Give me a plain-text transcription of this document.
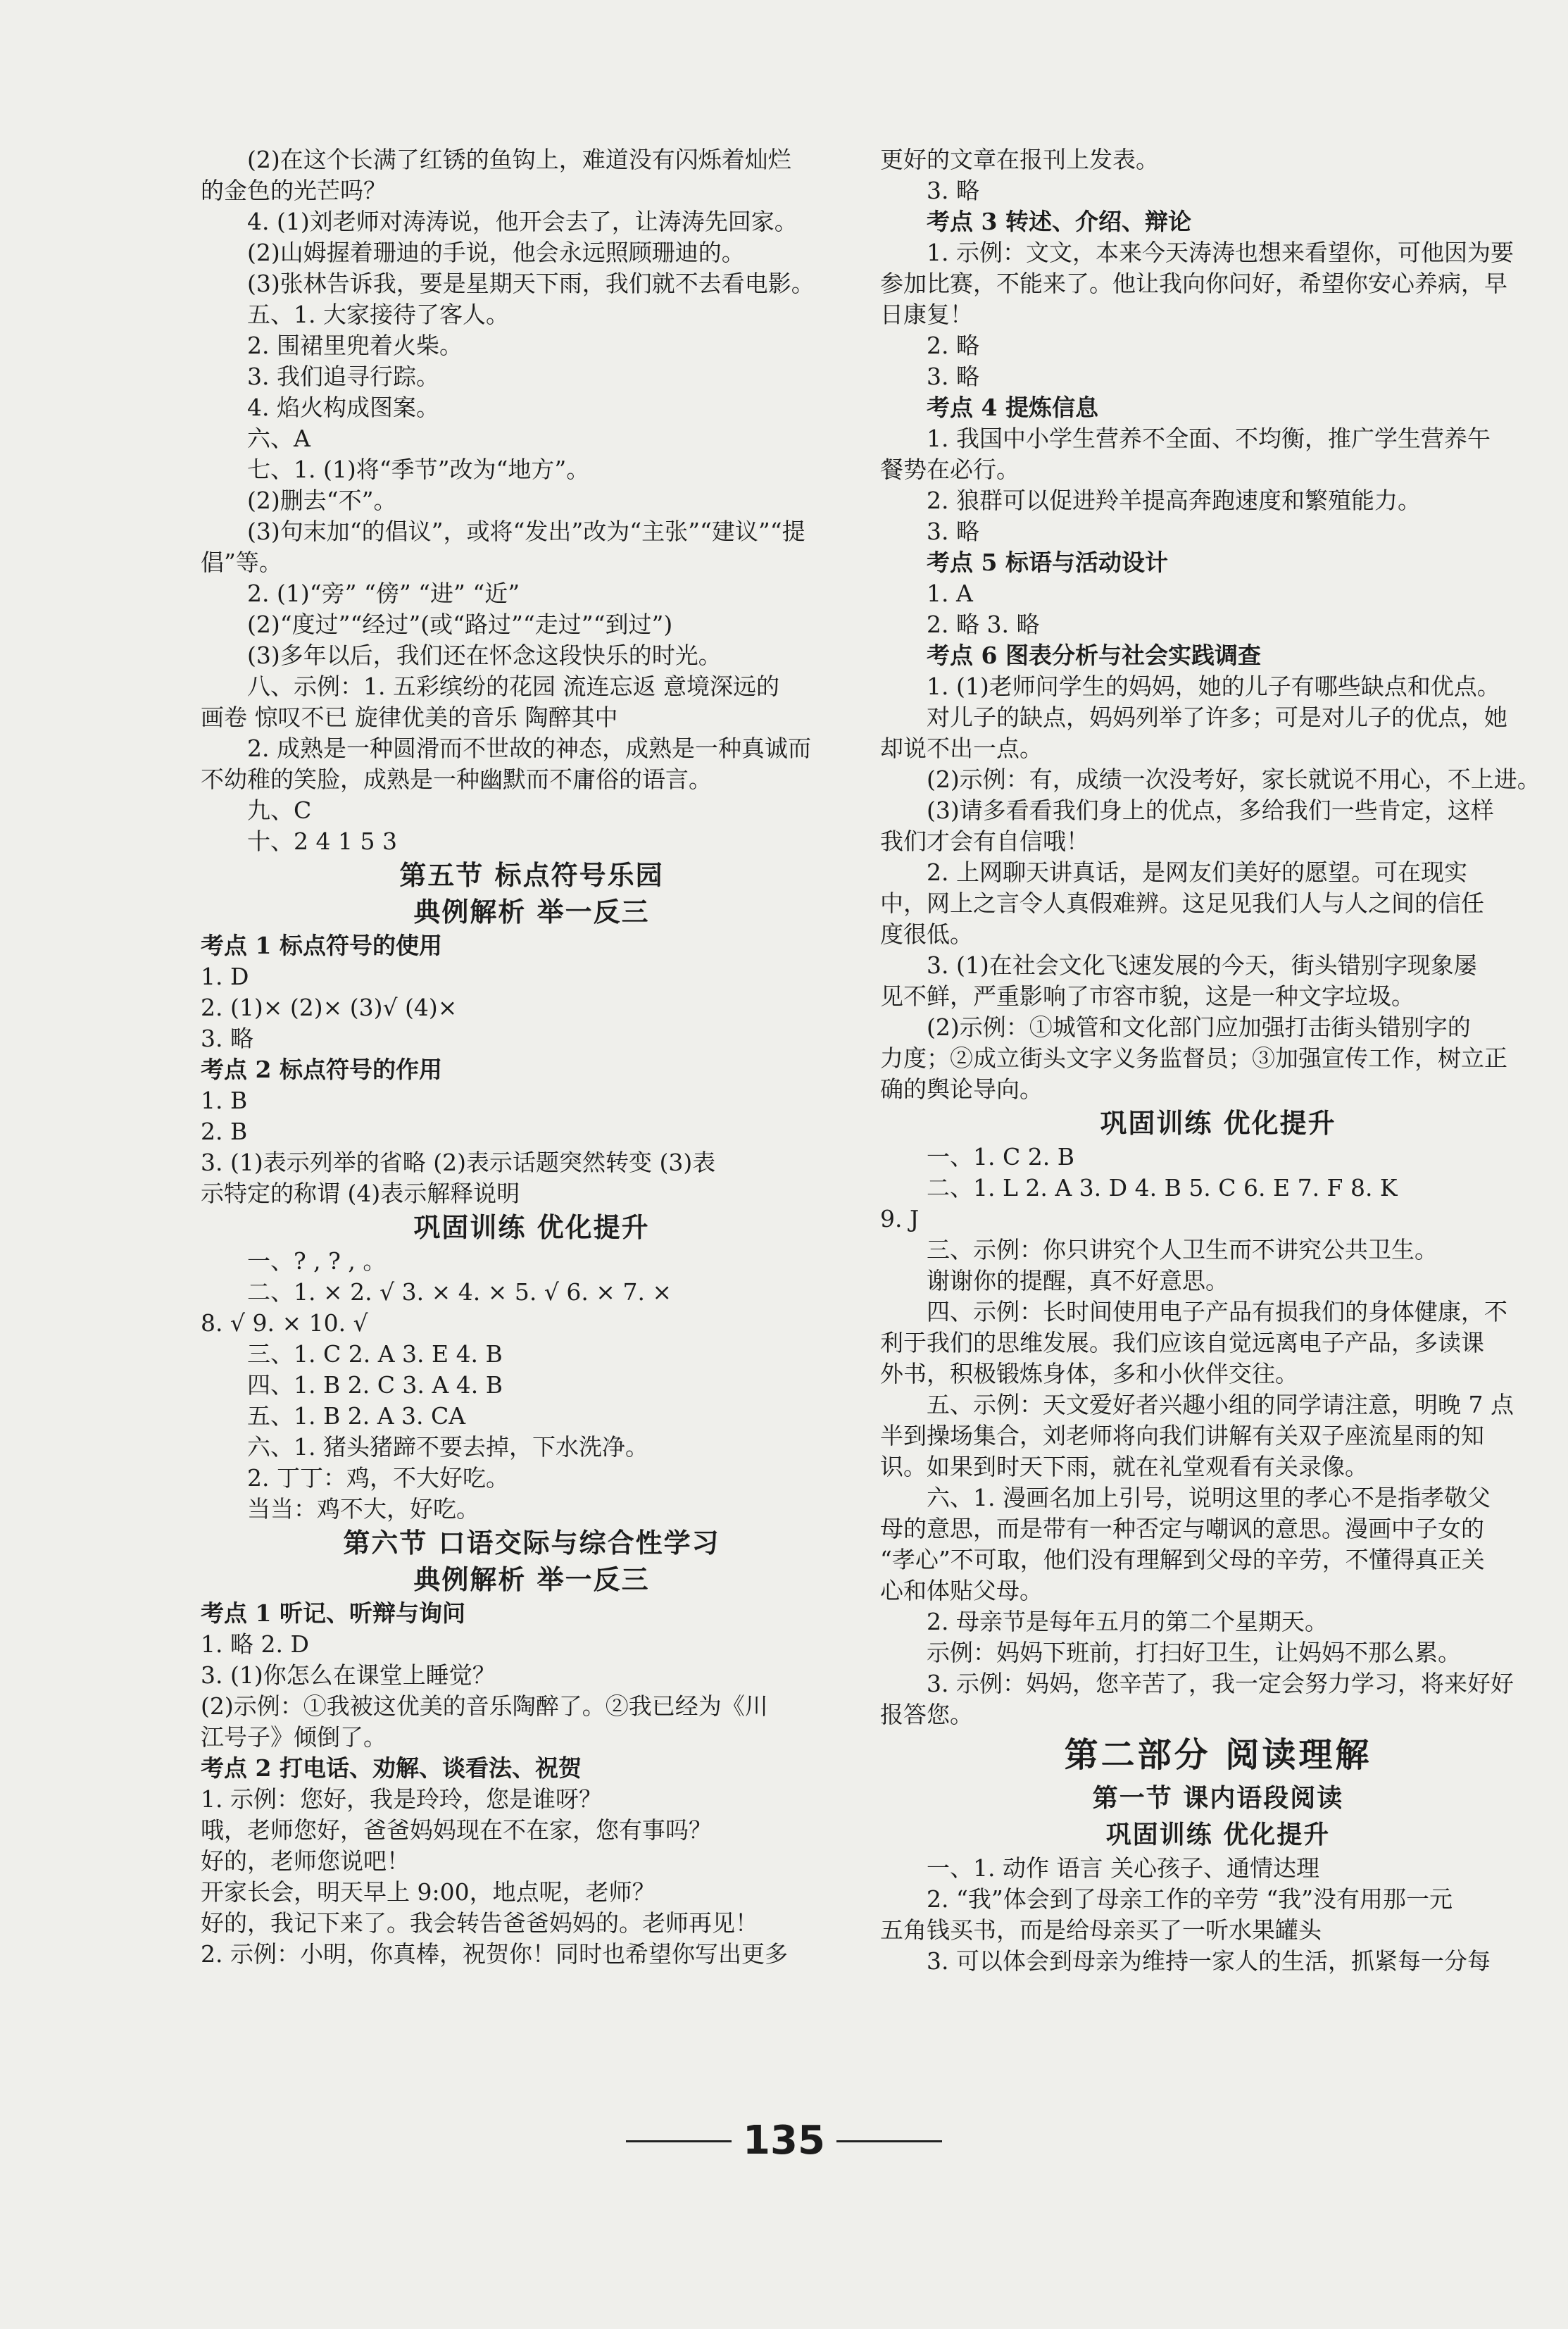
(2)在这个长满了红锈的鱼钩上，难道没有闪烁着灿烂
的金色的光芒吗？
4. (1)刘老师对涛涛说，他开会去了，让涛涛先回家。
(2)山姆握着珊迪的手说，他会永远照顾珊迪的。
(3)张林告诉我，要是星期天下雨，我们就不去看电影。
五、1. 大家接待了客人。
2. 围裙里兜着火柴。
3. 我们追寻行踪。
4. 焰火构成图案。
六、A
七、1. (1)将“季节”改为“地方”。
(2)删去“不”。
(3)句末加“的倡议”，或将“发出”改为“主张”“建议”“提
倡”等。
2. (1)“旁” “傍” “进” “近”
(2)“度过”“经过”(或“路过”“走过”“到过”)
(3)多年以后，我们还在怀念这段快乐的时光。
八、示例：1. 五彩缤纷的花园 流连忘返 意境深远的
画卷 惊叹不已 旋律优美的音乐 陶醉其中
2. 成熟是一种圆滑而不世故的神态，成熟是一种真诚而
不幼稚的笑脸，成熟是一种幽默而不庸俗的语言。
九、C
十、2 4 1 5 3
第五节 标点符号乐园
典例解析 举一反三
考点 1 标点符号的使用
1. D
2. (1)× (2)× (3)√ (4)×
3. 略
考点 2 标点符号的作用
1. B
2. B
3. (1)表示列举的省略 (2)表示话题突然转变 (3)表
示特定的称谓 (4)表示解释说明
巩固训练 优化提升
一、? , ? , 。
二、1. × 2. √ 3. × 4. × 5. √ 6. × 7. ×
8. √ 9. × 10. √
三、1. C 2. A 3. E 4. B
四、1. B 2. C 3. A 4. B
五、1. B 2. A 3. CA
六、1. 猪头猪蹄不要去掉，下水洗净。
2. 丁丁：鸡，不大好吃。
当当：鸡不大，好吃。
第六节 口语交际与综合性学习
典例解析 举一反三
考点 1 听记、听辩与询问
1. 略 2. D
3. (1)你怎么在课堂上睡觉？
(2)示例：①我被这优美的音乐陶醉了。②我已经为《川
江号子》倾倒了。
考点 2 打电话、劝解、谈看法、祝贺
1. 示例：您好，我是玲玲，您是谁呀？
哦，老师您好，爸爸妈妈现在不在家，您有事吗？
好的，老师您说吧！
开家长会，明天早上 9:00，地点呢，老师？
好的，我记下来了。我会转告爸爸妈妈的。老师再见！
2. 示例：小明，你真棒，祝贺你！同时也希望你写出更多
更好的文章在报刊上发表。
3. 略
考点 3 转述、介绍、辩论
1. 示例：文文，本来今天涛涛也想来看望你，可他因为要
参加比赛，不能来了。他让我向你问好，希望你安心养病，早
日康复！
2. 略
3. 略
考点 4 提炼信息
1. 我国中小学生营养不全面、不均衡，推广学生营养午
餐势在必行。
2. 狼群可以促进羚羊提高奔跑速度和繁殖能力。
3. 略
考点 5 标语与活动设计
1. A
2. 略 3. 略
考点 6 图表分析与社会实践调查
1. (1)老师问学生的妈妈，她的儿子有哪些缺点和优点。
对儿子的缺点，妈妈列举了许多；可是对儿子的优点，她
却说不出一点。
(2)示例：有，成绩一次没考好，家长就说不用心，不上进。
(3)请多看看我们身上的优点，多给我们一些肯定，这样
我们才会有自信哦！
2. 上网聊天讲真话，是网友们美好的愿望。可在现实
中，网上之言令人真假难辨。这足见我们人与人之间的信任
度很低。
3. (1)在社会文化飞速发展的今天，街头错别字现象屡
见不鲜，严重影响了市容市貌，这是一种文字垃圾。
(2)示例：①城管和文化部门应加强打击街头错别字的
力度；②成立街头文字义务监督员；③加强宣传工作，树立正
确的舆论导向。
巩固训练 优化提升
一、1. C 2. B
二、1. L 2. A 3. D 4. B 5. C 6. E 7. F 8. K
9. J
三、示例：你只讲究个人卫生而不讲究公共卫生。
谢谢你的提醒，真不好意思。
四、示例：长时间使用电子产品有损我们的身体健康，不
利于我们的思维发展。我们应该自觉远离电子产品，多读课
外书，积极锻炼身体，多和小伙伴交往。
五、示例：天文爱好者兴趣小组的同学请注意，明晚 7 点
半到操场集合，刘老师将向我们讲解有关双子座流星雨的知
识。如果到时天下雨，就在礼堂观看有关录像。
六、1. 漫画名加上引号，说明这里的孝心不是指孝敬父
母的意思，而是带有一种否定与嘲讽的意思。漫画中子女的
“孝心”不可取，他们没有理解到父母的辛劳，不懂得真正关
心和体贴父母。
2. 母亲节是每年五月的第二个星期天。
示例：妈妈下班前，打扫好卫生，让妈妈不那么累。
3. 示例：妈妈，您辛苦了，我一定会努力学习，将来好好
报答您。
第二部分 阅读理解
第一节 课内语段阅读
巩固训练 优化提升
一、1. 动作 语言 关心孩子、通情达理
2. “我”体会到了母亲工作的辛劳 “我”没有用那一元
五角钱买书，而是给母亲买了一听水果罐头
3. 可以体会到母亲为维持一家人的生活，抓紧每一分每
135
